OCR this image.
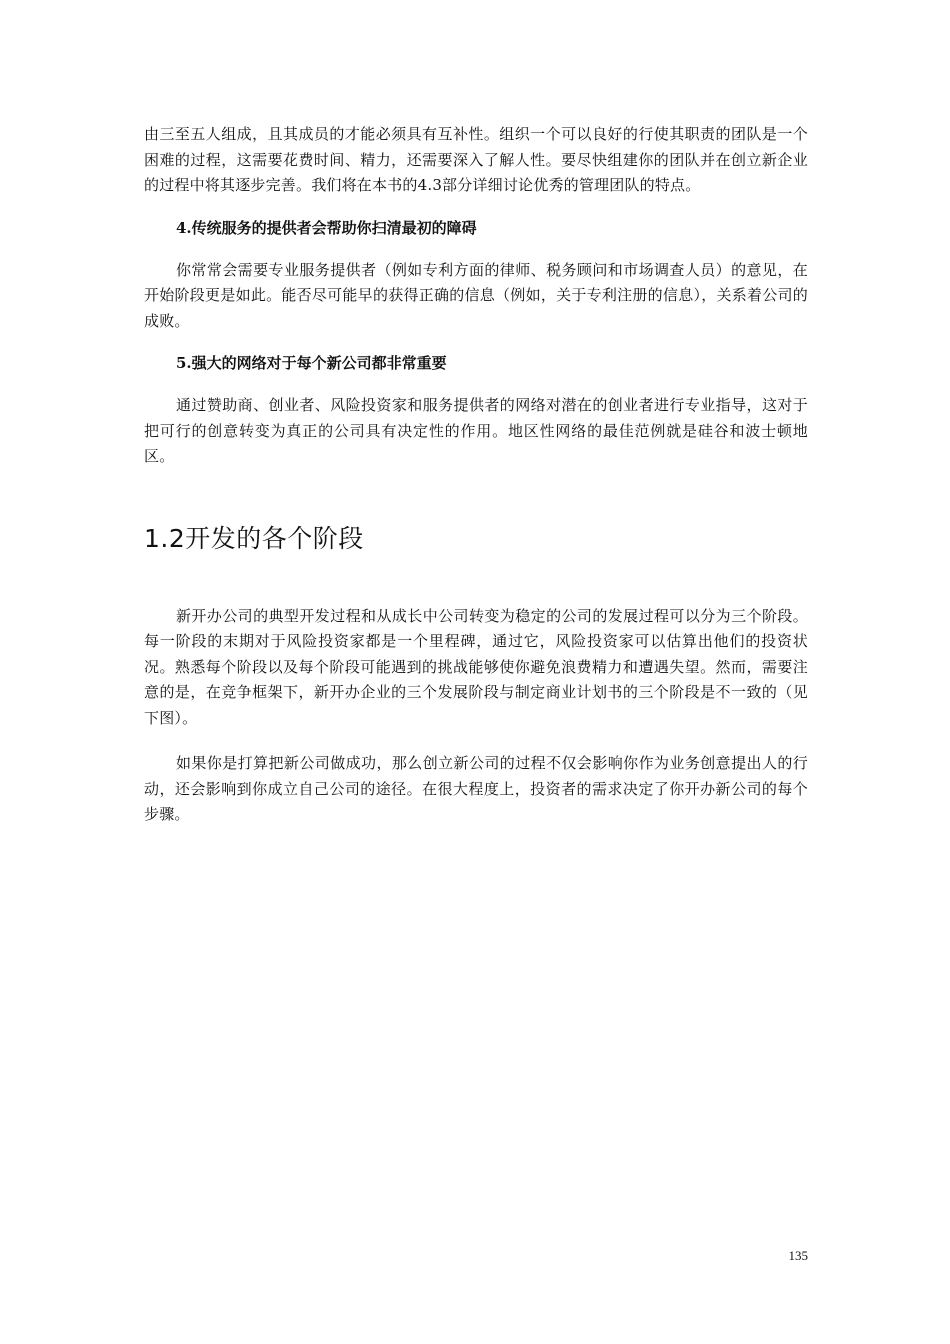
由三至五人组成，且其成员的才能必须具有互补性。组织一个可以良好的行使其职责的团队是一个困难的过程，这需要花费时间、精力，还需要深入了解人性。要尽快组建你的团队并在创立新企业的过程中将其逐步完善。我们将在本书的4.3部分详细讨论优秀的管理团队的特点。

4.传统服务的提供者会帮助你扫清最初的障碍

你常常会需要专业服务提供者（例如专利方面的律师、税务顾问和市场调查人员）的意见，在开始阶段更是如此。能否尽可能早的获得正确的信息（例如，关于专利注册的信息），关系着公司的成败。

5.强大的网络对于每个新公司都非常重要

通过赞助商、创业者、风险投资家和服务提供者的网络对潜在的创业者进行专业指导，这对于把可行的创意转变为真正的公司具有决定性的作用。地区性网络的最佳范例就是硅谷和波士顿地区。

1.2开发的各个阶段

新开办公司的典型开发过程和从成长中公司转变为稳定的公司的发展过程可以分为三个阶段。每一阶段的末期对于风险投资家都是一个里程碑，通过它，风险投资家可以估算出他们的投资状况。熟悉每个阶段以及每个阶段可能遇到的挑战能够使你避免浪费精力和遭遇失望。然而，需要注意的是，在竞争框架下，新开办企业的三个发展阶段与制定商业计划书的三个阶段是不一致的（见下图）。

如果你是打算把新公司做成功，那么创立新公司的过程不仅会影响你作为业务创意提出人的行动，还会影响到你成立自己公司的途径。在很大程度上，投资者的需求决定了你开办新公司的每个步骤。

135
